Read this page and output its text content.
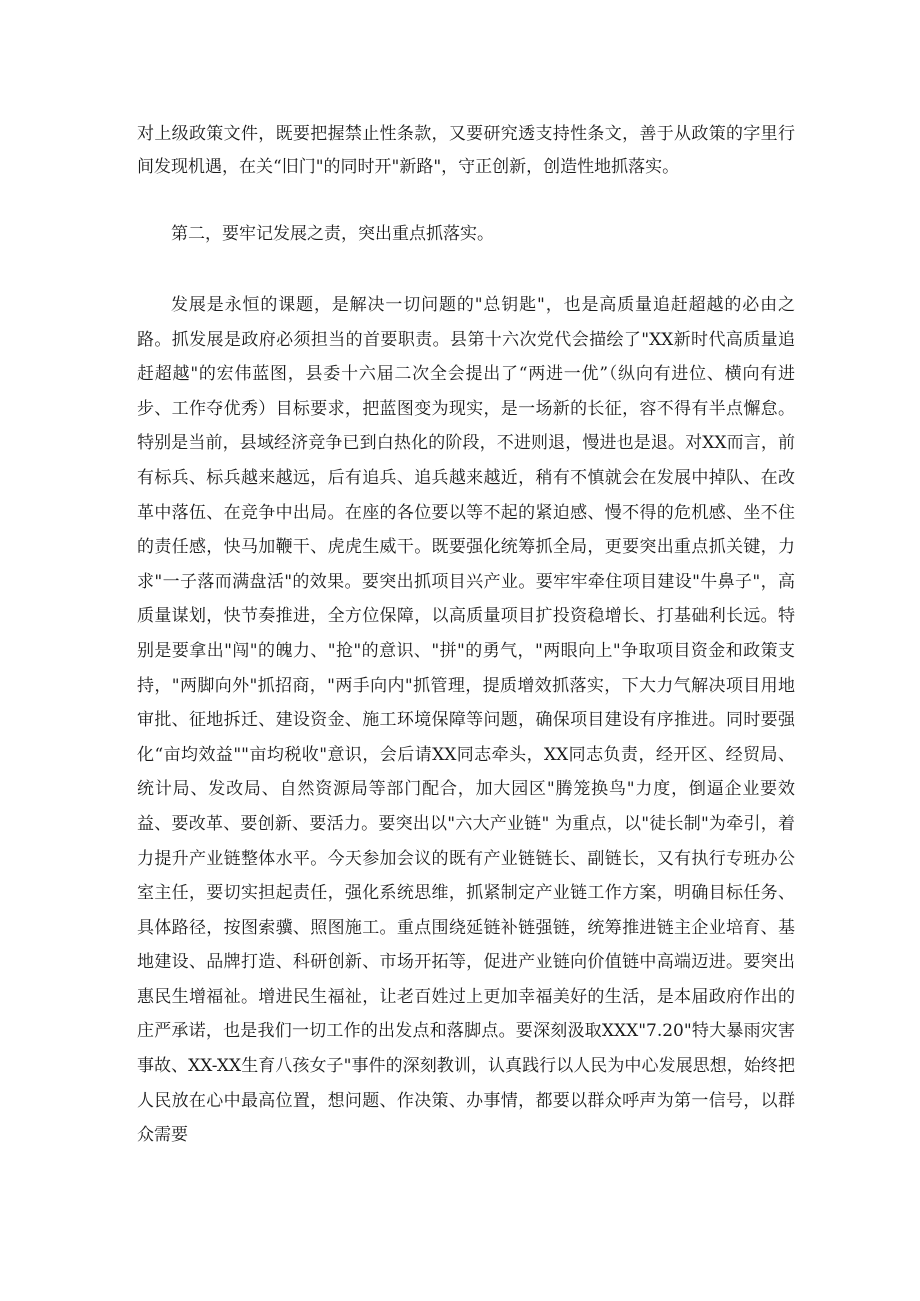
对上级政策文件，既要把握禁止性条款，又要研究透支持性条文，善于从政策的字里行间发现机遇，在关“旧门"的同时开"新路"，守正创新，创造性地抓落实。

第二，要牢记发展之责，突出重点抓落实。

发展是永恒的课题，是解决一切问题的"总钥匙"，也是高质量追赶超越的必由之路。抓发展是政府必须担当的首要职责。县第十六次党代会描绘了"XX新时代高质量追赶超越"的宏伟蓝图，县委十六届二次全会提出了“两进一优”（纵向有进位、横向有进步、工作夺优秀）目标要求，把蓝图变为现实，是一场新的长征，容不得有半点懈怠。特别是当前，县域经济竞争已到白热化的阶段，不进则退，慢进也是退。对XX而言，前有标兵、标兵越来越远，后有追兵、追兵越来越近，稍有不慎就会在发展中掉队、在改革中落伍、在竞争中出局。在座的各位要以等不起的紧迫感、慢不得的危机感、坐不住的责任感，快马加鞭干、虎虎生威干。既要强化统筹抓全局，更要突出重点抓关键，力求"一子落而满盘活"的效果。要突出抓项目兴产业。要牢牢牵住项目建设"牛鼻子"，高质量谋划，快节奏推进，全方位保障，以高质量项目扩投资稳增长、打基础利长远。特别是要拿出"闯"的魄力、"抢"的意识、"拼"的勇气，"两眼向上"争取项目资金和政策支持，"两脚向外"抓招商，"两手向内"抓管理，提质增效抓落实，下大力气解决项目用地审批、征地拆迁、建设资金、施工环境保障等问题，确保项目建设有序推进。同时要强化“亩均效益""亩均税收"意识，会后请XX同志牵头，XX同志负责，经开区、经贸局、统计局、发改局、自然资源局等部门配合，加大园区"腾笼换鸟"力度，倒逼企业要效益、要改革、要创新、要活力。要突出以"六大产业链" 为重点，以"徒长制"为牵引，着力提升产业链整体水平。今天参加会议的既有产业链链长、副链长，又有执行专班办公室主任，要切实担起责任，强化系统思维，抓紧制定产业链工作方案，明确目标任务、具体路径，按图索骥、照图施工。重点围绕延链补链强链，统筹推进链主企业培育、基地建设、品牌打造、科研创新、市场开拓等，促进产业链向价值链中高端迈进。要突出惠民生增福祉。增进民生福祉，让老百姓过上更加幸福美好的生活，是本届政府作出的庄严承诺，也是我们一切工作的出发点和落脚点。要深刻汲取XXX"7.20"特大暴雨灾害事故、XX-XX生育八孩女子"事件的深刻教训，认真践行以人民为中心发展思想，始终把人民放在心中最高位置，想问题、作决策、办事情，都要以群众呼声为第一信号，以群众需要
